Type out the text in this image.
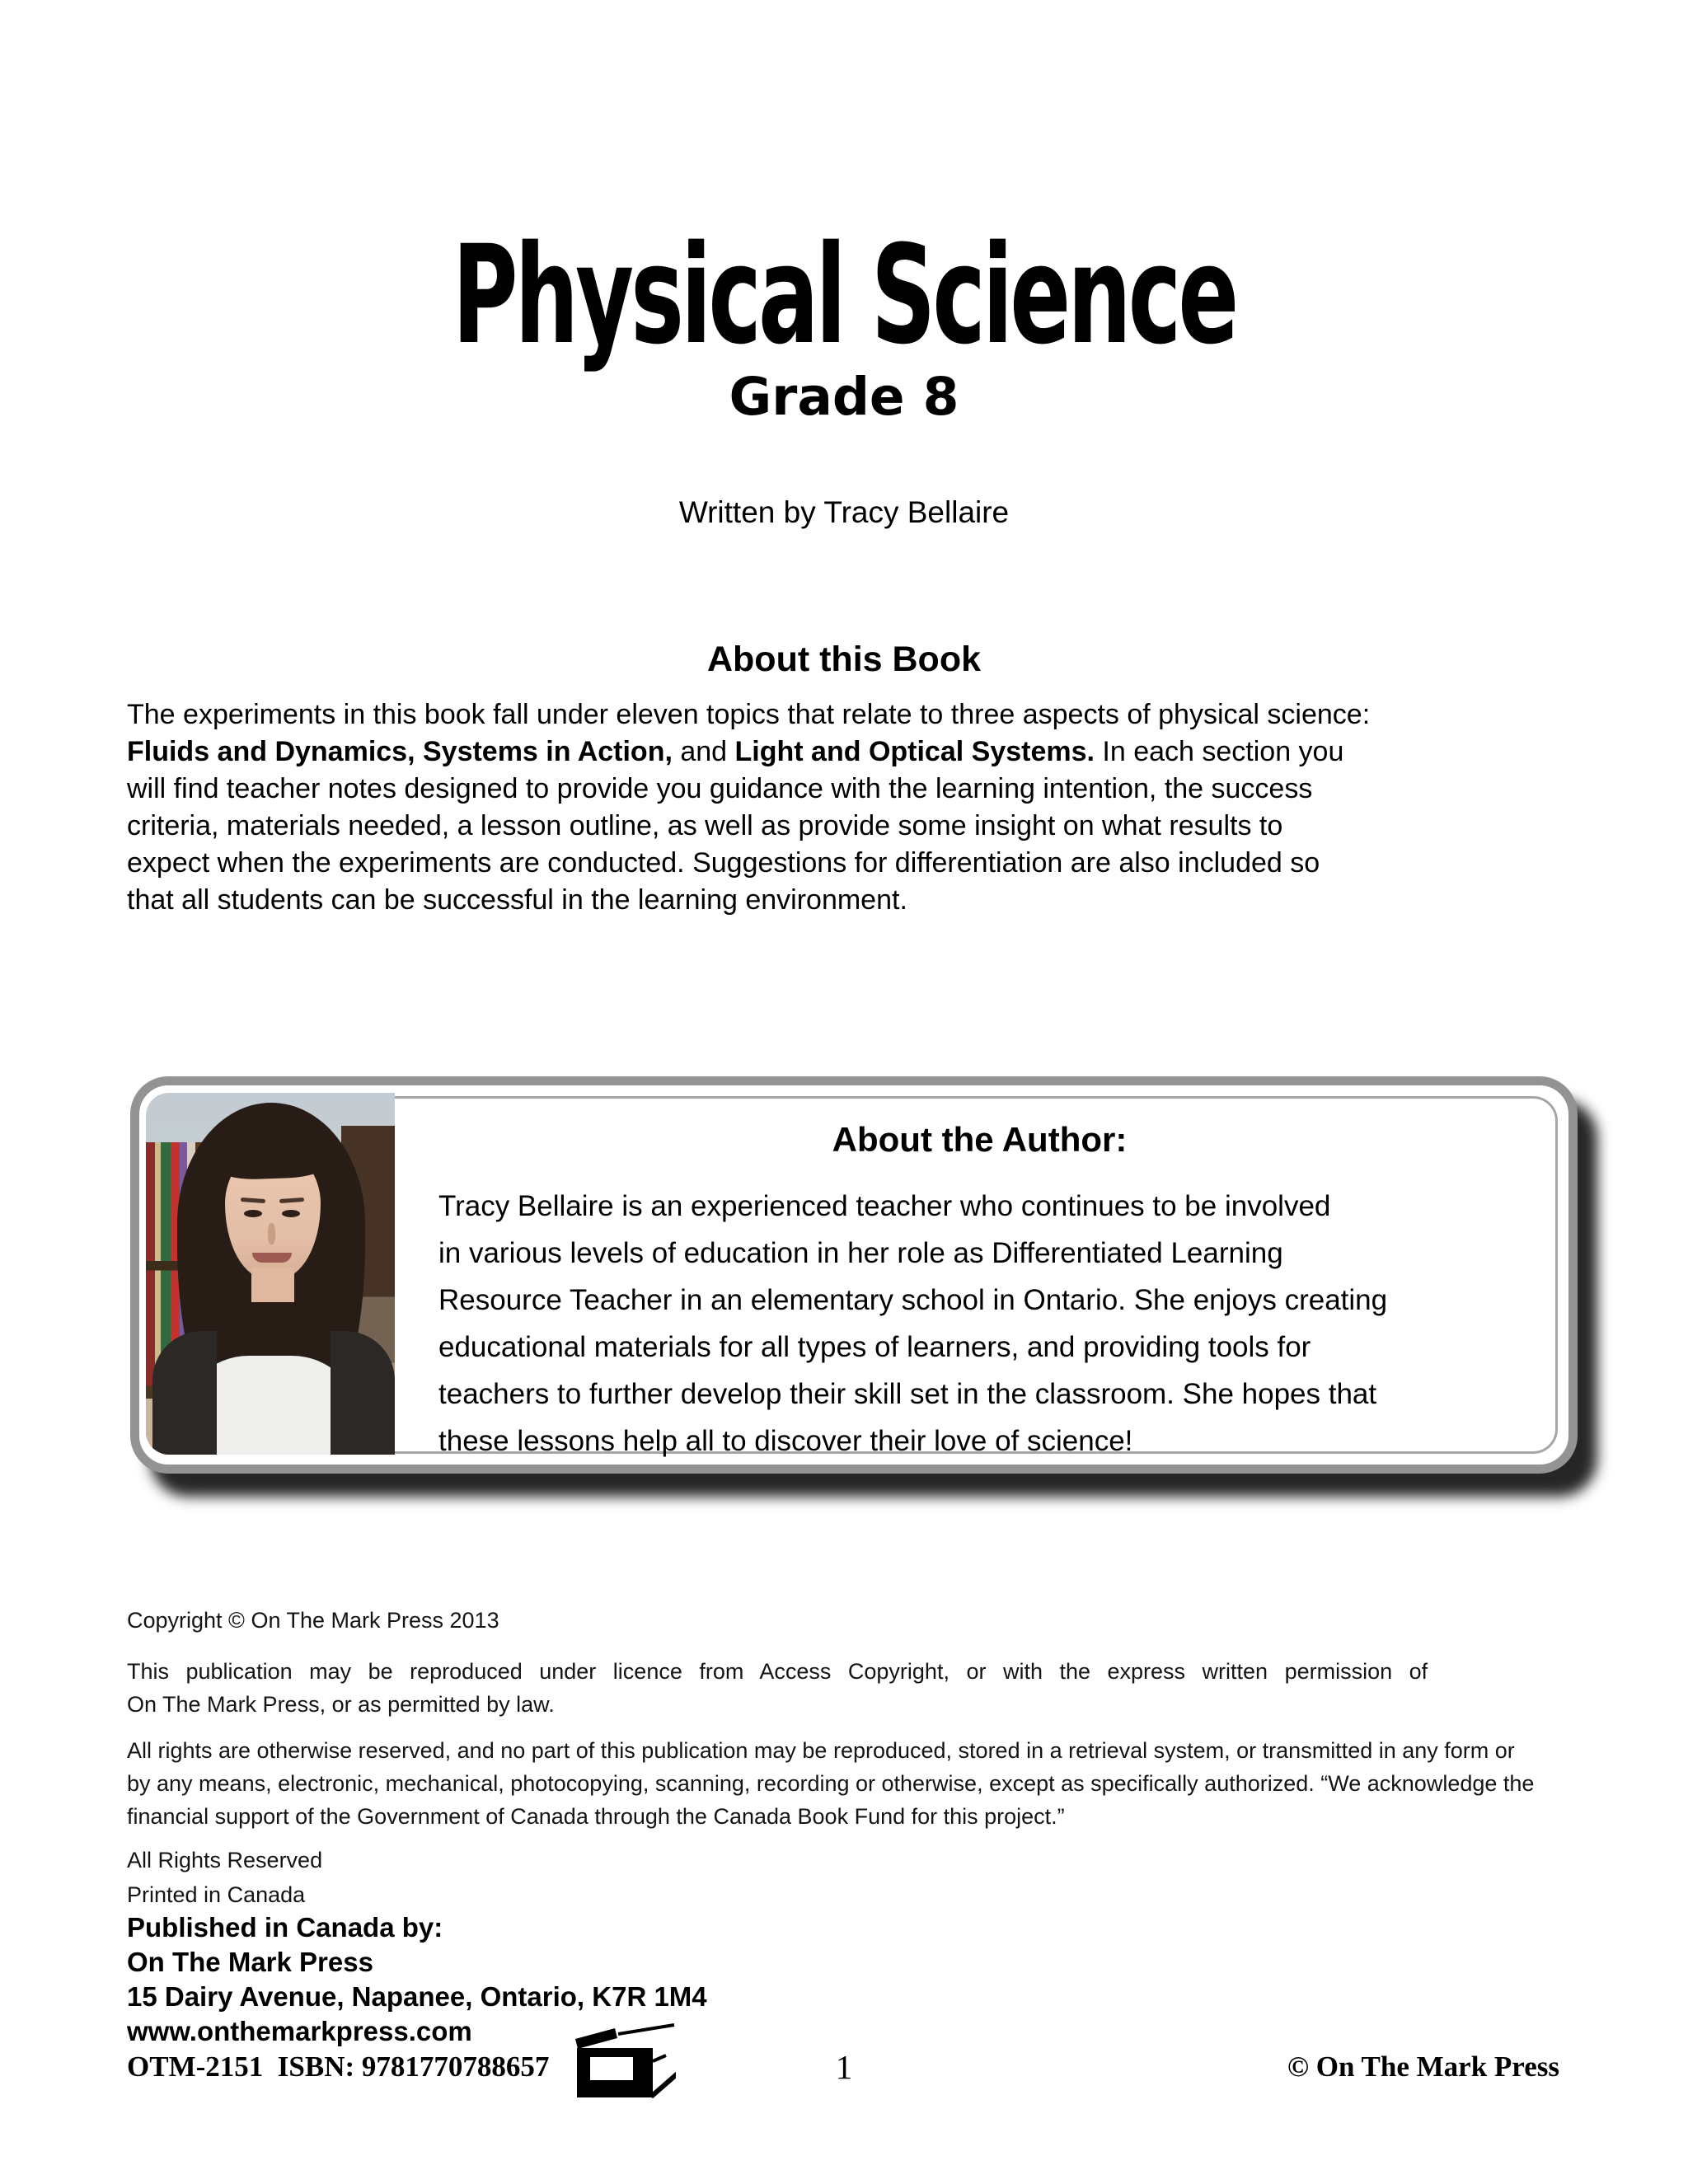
Physical Science
Grade 8
Written by Tracy Bellaire
About this Book
The experiments in this book fall under eleven topics that relate to three aspects of physical science:
Fluids and Dynamics, Systems in Action, and Light and Optical Systems. In each section you
will find teacher notes designed to provide you guidance with the learning intention, the success
criteria, materials needed, a lesson outline, as well as provide some insight on what results to
expect when the experiments are conducted. Suggestions for differentiation are also included so
that all students can be successful in the learning environment.
About the Author:
Tracy Bellaire is an experienced teacher who continues to be involved
in various levels of education in her role as Differentiated Learning
Resource Teacher in an elementary school in Ontario. She enjoys creating
educational materials for all types of learners, and providing tools for
teachers to further develop their skill set in the classroom. She hopes that
these lessons help all to discover their love of science!
Copyright © On The Mark Press 2013
This publication may be reproduced under licence from Access Copyright, or with the express written permission of
On The Mark Press, or as permitted by law.
All rights are otherwise reserved, and no part of this publication may be reproduced, stored in a retrieval system, or transmitted in any form or
by any means, electronic, mechanical, photocopying, scanning, recording or otherwise, except as specifically authorized. “We acknowledge the
financial support of the Government of Canada through the Canada Book Fund for this project.”
All Rights Reserved
Printed in Canada
Published in Canada by:
On The Mark Press
15 Dairy Avenue, Napanee, Ontario, K7R 1M4
www.onthemarkpress.com
OTM-2151  ISBN: 9781770788657	1	© On The Mark Press
